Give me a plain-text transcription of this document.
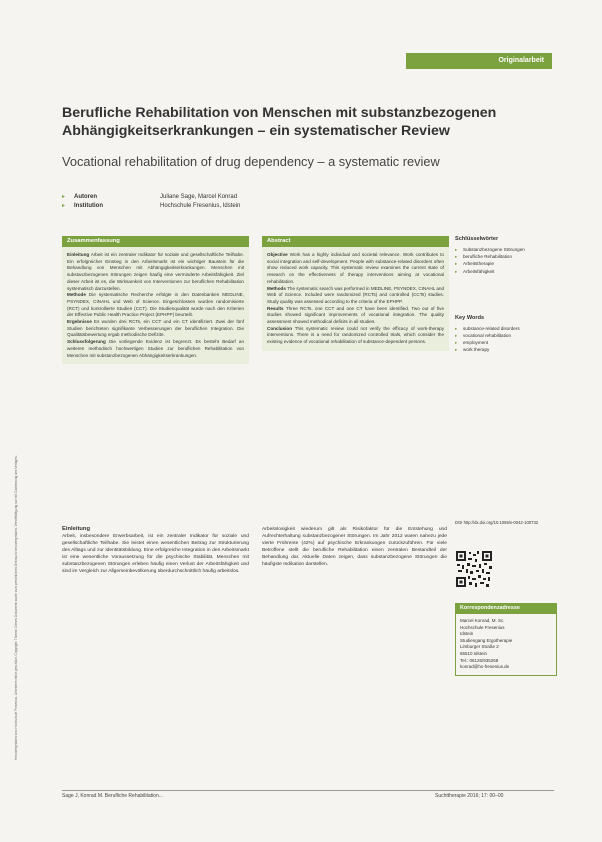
Heruntergeladen von: Hochschule Fresenius. Urheberrechtlich geschützt. Copyright: Thieme. Dieses Dokument wurde zum persönlichen Gebrauch heruntergeladen. Vervielfältigung nur mit Zustimmung des Verlages.
Originalarbeit
Berufliche Rehabilitation von Menschen mit substanzbezogenen Abhängigkeitserkrankungen – ein systematischer Review
Vocational rehabilitation of drug dependency – a systematic review
▸	Autoren	Juliane Sage, Marcel Konrad
▸	Institution	Hochschule Fresenius, Idstein
Zusammenfassung

Einleitung Arbeit ist ein zentraler Indikator für soziale und gesellschaftliche Teilhabe. Ein erfolgreicher Einstieg in den Arbeitsmarkt ist ein wichtiger Baustein für die Behandlung von Menschen mit Abhängigkeitserkrankungen. Menschen mit substanzbezogenen Störungen zeigen häufig eine verminderte Arbeitsfähigkeit. Ziel dieser Arbeit ist es, die Wirksamkeit von Interventionen zur beruflichen Rehabilitation systematisch darzustellen.

Methode Die systematische Recherche erfolgte in den Datenbanken MEDLINE, PSYNDEX, CINAHL und Web of Science. Eingeschlossen wurden randomisierte (RCT) und kontrollierte Studien (CCT). Die Studienqualität wurde nach den Kriterien der Effective Public Health Practice Project (EPHPP) beurteilt.

Ergebnisse Es wurden drei RCTs, ein CCT und ein CT identifiziert. Zwei der fünf Studien berichteten signifikante Verbesserungen der beruflichen Integration. Die Qualitätsbewertung ergab methodische Defizite.

Schlussfolgerung Die vorliegende Evidenz ist begrenzt. Es besteht Bedarf an weiteren methodisch hochwertigen Studien zur beruflichen Rehabilitation von Menschen mit substanzbezogenen Abhängigkeitserkrankungen.

Abstract

Objective Work has a highly individual and societal relevance. Work contributes to social integration and self-development. People with substance-related disorders often show reduced work capacity. This systematic review examines the current state of research on the effectiveness of therapy interventions aiming at vocational rehabilitation.

Methods The systematic search was performed in MEDLINE, PSYNDEX, CINAHL and Web of Science. Included were randomized (RCTs) and controlled (CCTs) studies. Study quality was assessed according to the criteria of the EPHPP.

Results Three RCTs, one CCT and one CT have been identified. Two out of five studies showed significant improvements of vocational integration. The quality assessment showed methodical deficits in all studies.

Conclusion This systematic review could not verify the efficacy of work-therapy interventions. There is a need for randomized controlled trials, which consider the existing evidence of vocational rehabilitation of substance-dependent persons.

Schlüsselwörter
▸	Substanzbezogene Störungen
▸	berufliche Rehabilitation
▸	Arbeitstherapie
▸	Arbeitsfähigkeit
Key Words
▸	substance-related disorders
▸	vocational rehabilitation
▸	employment
▸	work therapy
DOI http://dx.doi.org/10.1055/s-0042-100732
Korrespondenzadresse
Marcel Konrad, M. Sc.
Hochschule Fresenius
Idstein
Studiengang Ergotherapie
Limburger Straße 2
65510 Idstein
Tel.: 06126/935268
konrad@hs-fresenius.de
Einleitung
Arbeit, insbesondere Erwerbsarbeit, ist ein zentraler Indikator für soziale und gesellschaftliche Teilhabe. Sie leistet einen wesentlichen Beitrag zur Strukturierung des Alltags und zur Identitätsbildung. Eine erfolgreiche Integration in den Arbeitsmarkt ist eine wesentliche Voraussetzung für die psychische Stabilität. Menschen mit substanzbezogenen Störungen erleben häufig einen Verlust der Arbeitsfähigkeit und sind im Vergleich zur Allgemeinbevölkerung überdurchschnittlich häufig arbeitslos.
Arbeitslosigkeit wiederum gilt als Risikofaktor für die Entstehung und Aufrechterhaltung substanzbezogener Störungen. Im Jahr 2012 waren nahezu jede vierte Frührente (42%) auf psychische Erkrankungen zurückzuführen. Für viele Betroffene stellt die berufliche Rehabilitation einen zentralen Bestandteil der Behandlung dar. Aktuelle Daten zeigen, dass substanzbezogene Störungen die häufigste Indikation darstellen.
Sage J, Konrad M. Berufliche Rehabilitation...	Suchttherapie 2016; 17: 00–00
